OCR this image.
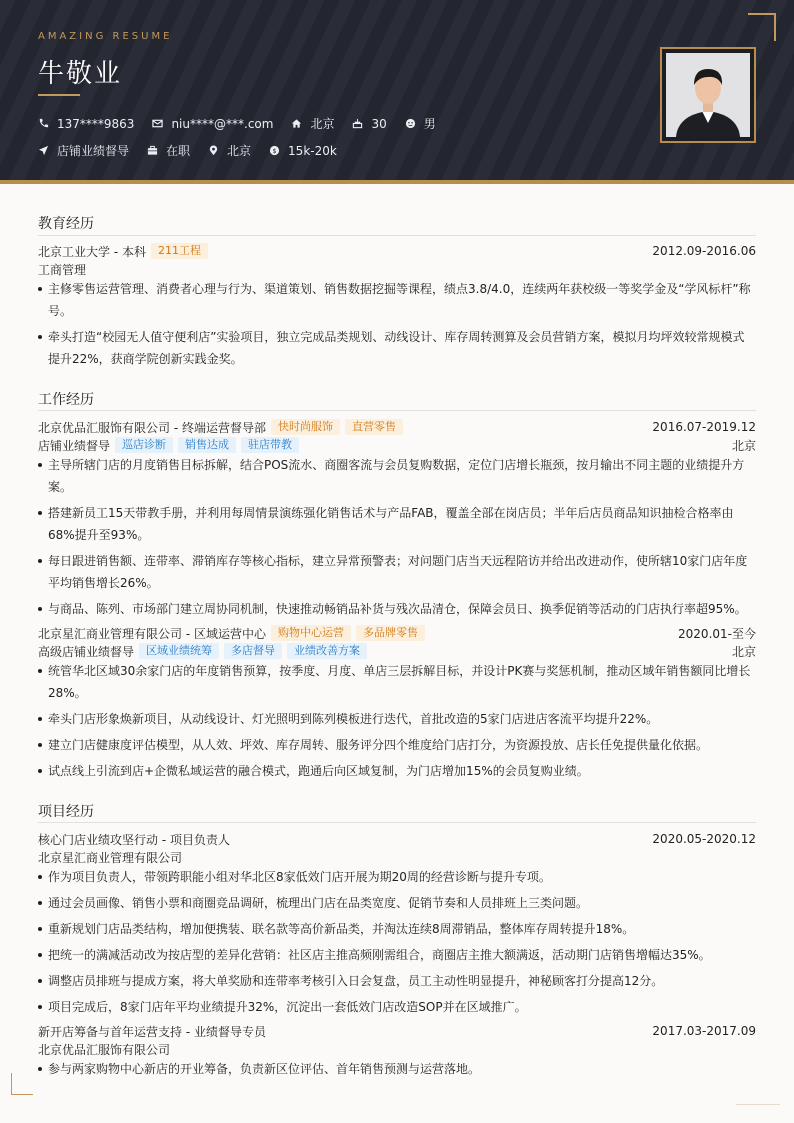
AMAZING RESUME
牛敬业
137****9863	niu****@***.com	北京	30	男
店铺业绩督导	在职	北京	$ 15k-20k
教育经历
北京工业大学 - 本科	211工程	2012.09-2016.06
工商管理
主修零售运营管理、消费者心理与行为、渠道策划、销售数据挖掘等课程，绩点3.8/4.0，连续两年获校级一等奖学金及“学风标杆”称号。
牵头打造“校园无人值守便利店”实验项目，独立完成品类规划、动线设计、库存周转测算及会员营销方案，模拟月均坪效较常规模式提升22%，获商学院创新实践金奖。
工作经历
北京优品汇服饰有限公司 - 终端运营督导部	快时尚服饰	直营零售	2016.07-2019.12
店铺业绩督导	巡店诊断	销售达成	驻店带教	北京
主导所辖门店的月度销售目标拆解，结合POS流水、商圈客流与会员复购数据，定位门店增长瓶颈，按月输出不同主题的业绩提升方案。
搭建新员工15天带教手册，并利用每周情景演练强化销售话术与产品FAB，覆盖全部在岗店员；半年后店员商品知识抽检合格率由68%提升至93%。
每日跟进销售额、连带率、滞销库存等核心指标，建立异常预警表；对问题门店当天远程陪访并给出改进动作，使所辖10家门店年度平均销售增长26%。
与商品、陈列、市场部门建立周协同机制，快速推动畅销品补货与残次品清仓，保障会员日、换季促销等活动的门店执行率超95%。
北京星汇商业管理有限公司 - 区域运营中心	购物中心运营	多品牌零售	2020.01-至今
高级店铺业绩督导	区域业绩统筹	多店督导	业绩改善方案	北京
统管华北区域30余家门店的年度销售预算，按季度、月度、单店三层拆解目标，并设计PK赛与奖惩机制，推动区域年销售额同比增长28%。
牵头门店形象焕新项目，从动线设计、灯光照明到陈列模板进行迭代，首批改造的5家门店进店客流平均提升22%。
建立门店健康度评估模型，从人效、坪效、库存周转、服务评分四个维度给门店打分，为资源投放、店长任免提供量化依据。
试点线上引流到店+企微私域运营的融合模式，跑通后向区域复制，为门店增加15%的会员复购业绩。
项目经历
核心门店业绩攻坚行动 - 项目负责人	2020.05-2020.12
北京星汇商业管理有限公司
作为项目负责人，带领跨职能小组对华北区8家低效门店开展为期20周的经营诊断与提升专项。
通过会员画像、销售小票和商圈竞品调研，梳理出门店在品类宽度、促销节奏和人员排班上三类问题。
重新规划门店品类结构，增加便携装、联名款等高价新品类，并淘汰连续8周滞销品，整体库存周转提升18%。
把统一的满减活动改为按店型的差异化营销：社区店主推高频刚需组合，商圈店主推大额满返，活动期门店销售增幅达35%。
调整店员排班与提成方案，将大单奖励和连带率考核引入日会复盘，员工主动性明显提升，神秘顾客打分提高12分。
项目完成后，8家门店年平均业绩提升32%，沉淀出一套低效门店改造SOP并在区域推广。
新开店筹备与首年运营支持 - 业绩督导专员	2017.03-2017.09
北京优品汇服饰有限公司
参与两家购物中心新店的开业筹备，负责新区位评估、首年销售预测与运营落地。
